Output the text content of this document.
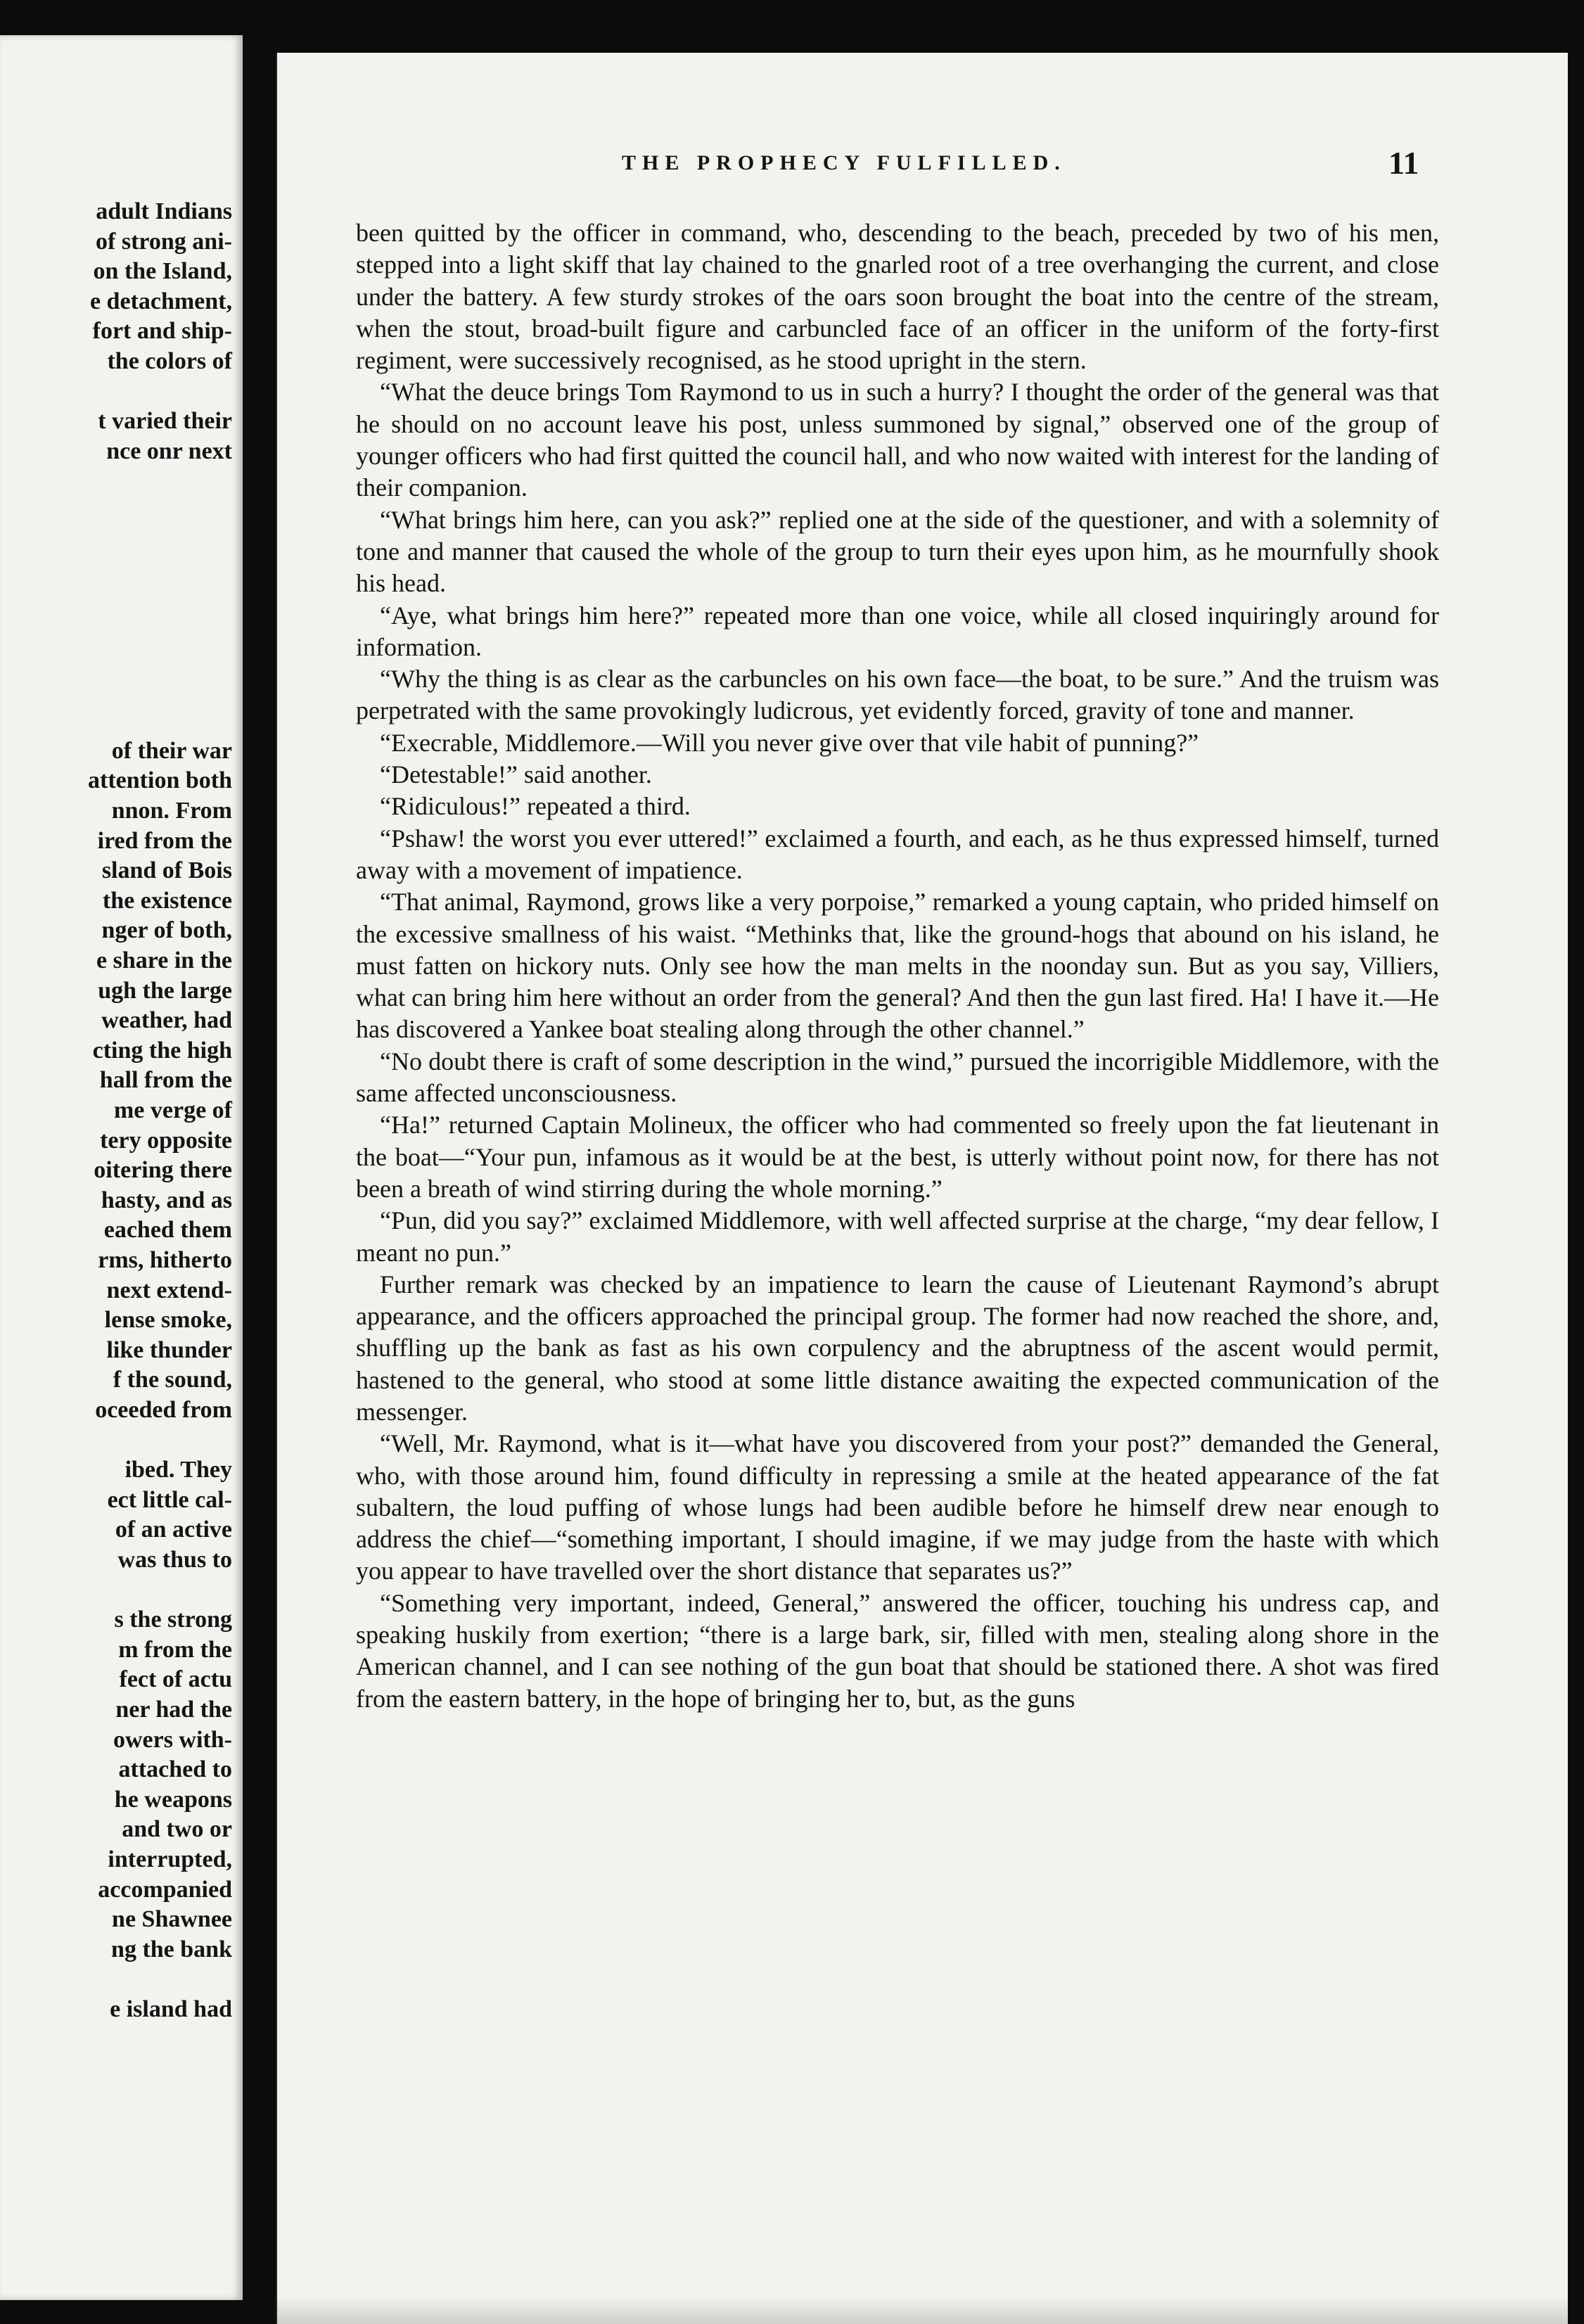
adult Indians
of strong ani-
on the Island,
e detachment,
fort and ship-
the colors of
t varied their
nce onr next
of their war
attention both
nnon. From
ired from the
sland of Bois
the existence
nger of both,
e share in the
ugh the large
weather, had
cting the high
hall from the
me verge of
tery opposite
oitering there
hasty, and as
eached them
rms, hitherto
next extend-
lense smoke,
like thunder
f the sound,
oceeded from
ibed. They
ect little cal-
of an active
was thus to
s the strong
m from the
fect of actu
ner had the
owers with-
attached to
he weapons
and two or
interrupted,
accompanied
ne Shawnee
ng the bank
e island had
THE PROPHECY FULFILLED.	11

been quitted by the officer in command, who, descending to the beach, preceded by two of his men, stepped into a light skiff that lay chained to the gnarled root of a tree overhanging the current, and close under the battery. A few sturdy strokes of the oars soon brought the boat into the centre of the stream, when the stout, broad-built figure and carbuncled face of an officer in the uniform of the forty-first regiment, were successively recognised, as he stood upright in the stern.

“What the deuce brings Tom Raymond to us in such a hurry? I thought the order of the general was that he should on no account leave his post, unless summoned by signal,” observed one of the group of younger officers who had first quitted the council hall, and who now waited with interest for the landing of their companion.

“What brings him here, can you ask?” replied one at the side of the questioner, and with a solemnity of tone and manner that caused the whole of the group to turn their eyes upon him, as he mournfully shook his head.

“Aye, what brings him here?” repeated more than one voice, while all closed inquiringly around for information.

“Why the thing is as clear as the carbuncles on his own face—the boat, to be sure.” And the truism was perpetrated with the same provokingly ludicrous, yet evidently forced, gravity of tone and manner.

“Execrable, Middlemore.—Will you never give over that vile habit of punning?”

“Detestable!” said another.

“Ridiculous!” repeated a third.

“Pshaw! the worst you ever uttered!” exclaimed a fourth, and each, as he thus expressed himself, turned away with a movement of impatience.

“That animal, Raymond, grows like a very porpoise,” remarked a young captain, who prided himself on the excessive smallness of his waist. “Methinks that, like the ground-hogs that abound on his island, he must fatten on hickory nuts. Only see how the man melts in the noonday sun. But as you say, Villiers, what can bring him here without an order from the general? And then the gun last fired. Ha! I have it.—He has discovered a Yankee boat stealing along through the other channel.”

“No doubt there is craft of some description in the wind,” pursued the incorrigible Middlemore, with the same affected unconsciousness.

“Ha!” returned Captain Molineux, the officer who had commented so freely upon the fat lieutenant in the boat—“Your pun, infamous as it would be at the best, is utterly without point now, for there has not been a breath of wind stirring during the whole morning.”

“Pun, did you say?” exclaimed Middlemore, with well affected surprise at the charge, “my dear fellow, I meant no pun.”

Further remark was checked by an impatience to learn the cause of Lieutenant Raymond’s abrupt appearance, and the officers approached the principal group. The former had now reached the shore, and, shuffling up the bank as fast as his own corpulency and the abruptness of the ascent would permit, hastened to the general, who stood at some little distance awaiting the expected communication of the messenger.

“Well, Mr. Raymond, what is it—what have you discovered from your post?” demanded the General, who, with those around him, found difficulty in repressing a smile at the heated appearance of the fat subaltern, the loud puffing of whose lungs had been audible before he himself drew near enough to address the chief—“something important, I should imagine, if we may judge from the haste with which you appear to have travelled over the short distance that separates us?”

“Something very important, indeed, General,” answered the officer, touching his undress cap, and speaking huskily from exertion; “there is a large bark, sir, filled with men, stealing along shore in the American channel, and I can see nothing of the gun boat that should be stationed there. A shot was fired from the eastern battery, in the hope of bringing her to, but, as the guns
